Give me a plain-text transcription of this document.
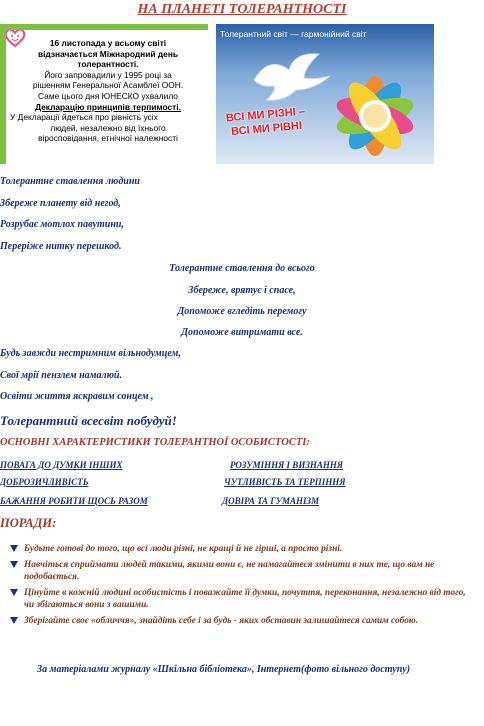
НА ПЛАНЕТІ ТОЛЕРАНТНОСТІ
16 листопада у всьому світі
відзначається Міжнародний день
толерантності.
Його запровадили у 1995 році за
рішенням Генеральної Асамблеї ООН.
Саме цього дня ЮНЕСКО ухвалило
Декларацію принципів терпимості.
У Декларації йдеться про рівність усіх
людей, незалежно від їхнього
віросповідання, етнічної належності
Толерантний світ — гармонійний світ
ВСІ МИ РІЗНІ –
ВСІ МИ РІВНІ
Толерантне ставлення людини
Збереже планету від негод,
Розрубає мотлох павутини,
Переріже нитку перешкод.
Толерантне ставлення до всього
Збереже, врятує і спасе,
Допоможе вгледіть перемогу
Допоможе витримати все.
Будь завжди нестримним вільнодумцем,
Свої мрії пензлем намалюй.
Освіти життя яскравим сонцем ,
Толерантний всесвіт побудуй!
ОСНОВНІ ХАРАКТЕРИСТИКИ ТОЛЕРАНТНОЇ ОСОБИСТОСТІ:
ПОВАГА ДО ДУМКИ ІНШИХ	РОЗУМІННЯ І ВИЗНАННЯ
ДОБРОЗИЧЛИВІСТЬ	ЧУТЛИВІСТЬ ТА ТЕРПІННЯ
БАЖАННЯ РОБИТИ ЩОСЬ РАЗОМ	ДОВІРА ТА ГУМАНІЗМ
ПОРАДИ:
Будьте готові до того, що всі люди різні, не кращі й не гірші, а просто різні.
Навчіться сприймати людей такими, якими вони є, не намагайтеся змінити в них те, що вам не подобається.
Цінуйте в кожній людині особистість і поважайте її думки, почуття, переконання, незалежно від того, чи збігаються вони з вашими.
Зберігайте своє «обличчя», знайдіть себе і за будь - яких обставин залишайтеся самим собою.
За матеріалами журналу «Шкільна бібліотека», Інтернет(фото вільного доступу)
